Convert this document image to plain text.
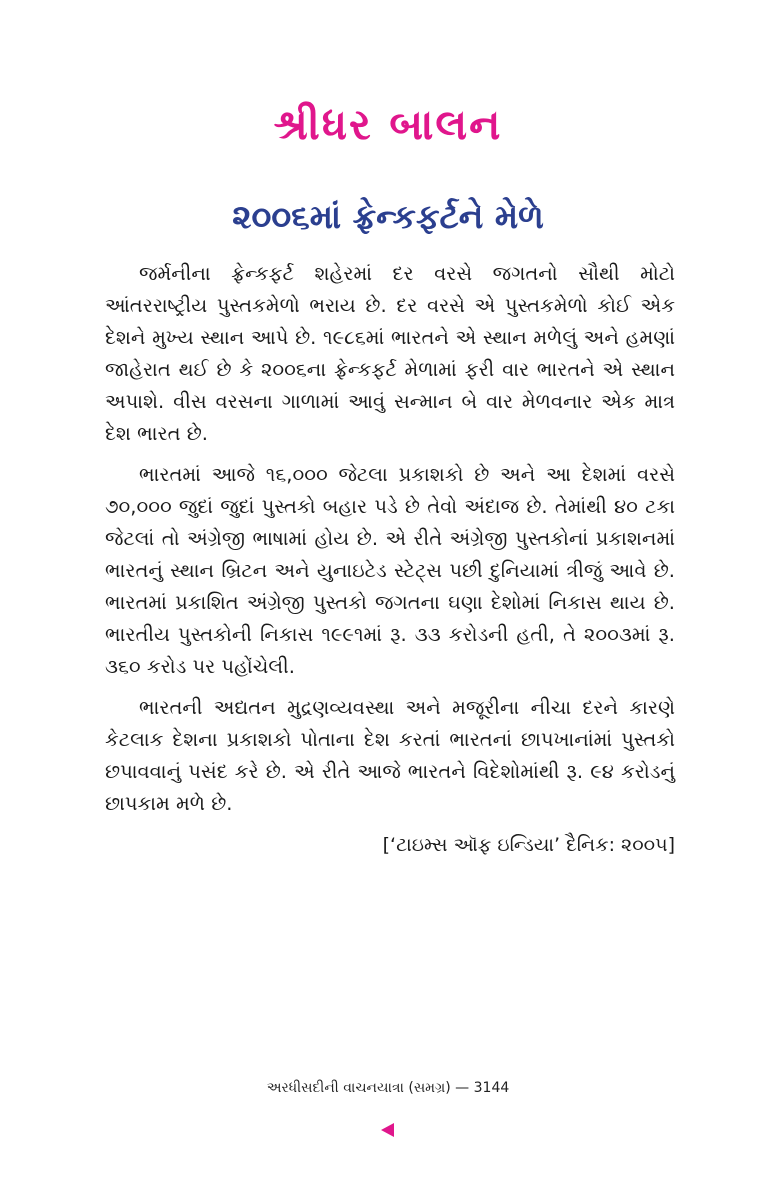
શ્રીધર બાલન
૨૦૦૬માં ફ્રેન્કફર્ટને મેળે

જર્મનીના ફ્રેન્કફર્ટ શહેરમાં દર વરસે જગતનો સૌથી મોટો આંતરરાષ્ટ્રીય પુસ્તકમેળો ભરાય છે. દર વરસે એ પુસ્તકમેળો કોઈ એક દેશને મુખ્ય સ્થાન આપે છે. ૧૯૮૬માં ભારતને એ સ્થાન મળેલું અને હમણાં જાહેરાત થઈ છે કે ૨૦૦૬ના ફ્રેન્કફર્ટ મેળામાં ફરી વાર ભારતને એ સ્થાન અપાશે. વીસ વરસના ગાળામાં આવું સન્માન બે વાર મેળવનાર એક માત્ર દેશ ભારત છે.

ભારતમાં આજે ૧૬,૦૦૦ જેટલા પ્રકાશકો છે અને આ દેશમાં વરસે ૭૦,૦૦૦ જુદાં જુદાં પુસ્તકો બહાર પડે છે તેવો અંદાજ છે. તેમાંથી ૪૦ ટકા જેટલાં તો અંગ્રેજી ભાષામાં હોય છે. એ રીતે અંગ્રેજી પુસ્તકોનાં પ્રકાશનમાં ભારતનું સ્થાન બ્રિટન અને યુનાઇટેડ સ્ટેટ્સ પછી દુનિયામાં ત્રીજું આવે છે. ભારતમાં પ્રકાશિત અંગ્રેજી પુસ્તકો જગતના ઘણા દેશોમાં નિકાસ થાય છે. ભારતીય પુસ્તકોની નિકાસ ૧૯૯૧માં રૂ. ૩૩ કરોડની હતી, તે ૨૦૦૩માં રૂ. ૩૬૦ કરોડ પર પહોંચેલી.

ભારતની અદ્યતન મુદ્રણવ્યવસ્થા અને મજૂરીના નીચા દરને કારણે કેટલાક દેશના પ્રકાશકો પોતાના દેશ કરતાં ભારતનાં છાપખાનાંમાં પુસ્તકો છપાવવાનું પસંદ કરે છે. એ રીતે આજે ભારતને વિદેશોમાંથી રૂ. ૯૪ કરોડનું છાપકામ મળે છે.

[‘ટાઇમ્સ ઑફ ઇન્ડિયા’ દૈનિક: ૨૦૦૫]
અરધીસદીની વાચનયાત્રા (સમગ્ર) — 3144
